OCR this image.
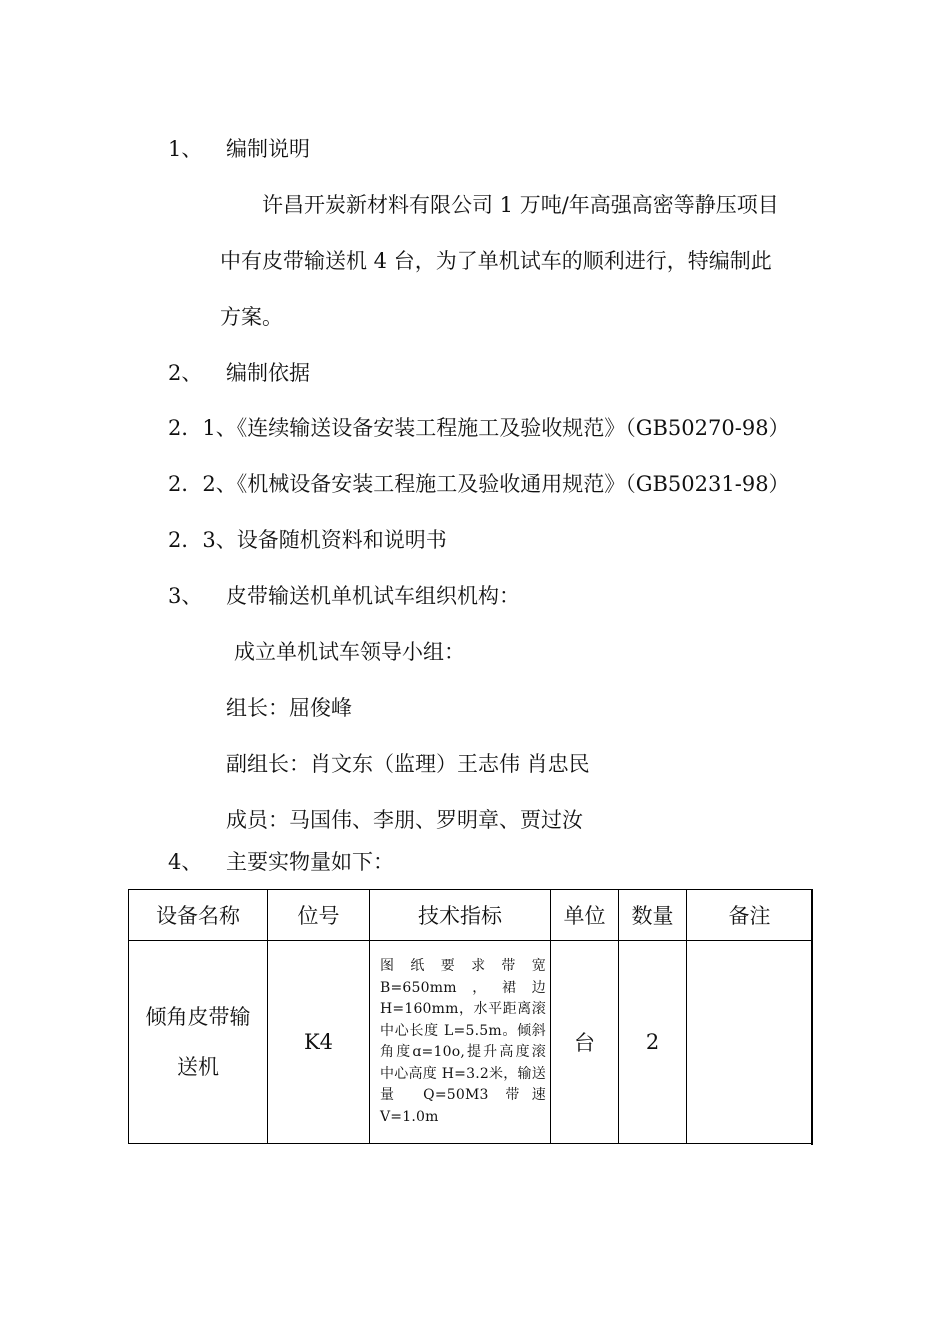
1、 编制说明
许昌开炭新材料有限公司 1 万吨/年高强高密等静压项目
中有皮带输送机 4 台，为了单机试车的顺利进行，特编制此
方案。
2、 编制依据
2．1、《连续输送设备安装工程施工及验收规范》（GB50270-98）
2．2、《机械设备安装工程施工及验收通用规范》（GB50231-98）
2．3、设备随机资料和说明书
3、 皮带输送机单机试车组织机构：
成立单机试车领导小组：
组长：屈俊峰
副组长：肖文东（监理）王志伟 肖忠民
成员：马国伟、李朋、罗明章、贾过汝
4、 主要实物量如下：
设备名称	位号	技术指标	单位	数量	备注

倾角皮带输
送机	K4	图纸要求带宽B=650mm，裙边H=160mm，水平距离滚中心长度 L=5.5m。倾斜角度ɑ=10o,提升高度滚中心高度 H=3.2米，输送量 Q=50M3 带速 V=1.0m	台	2	
